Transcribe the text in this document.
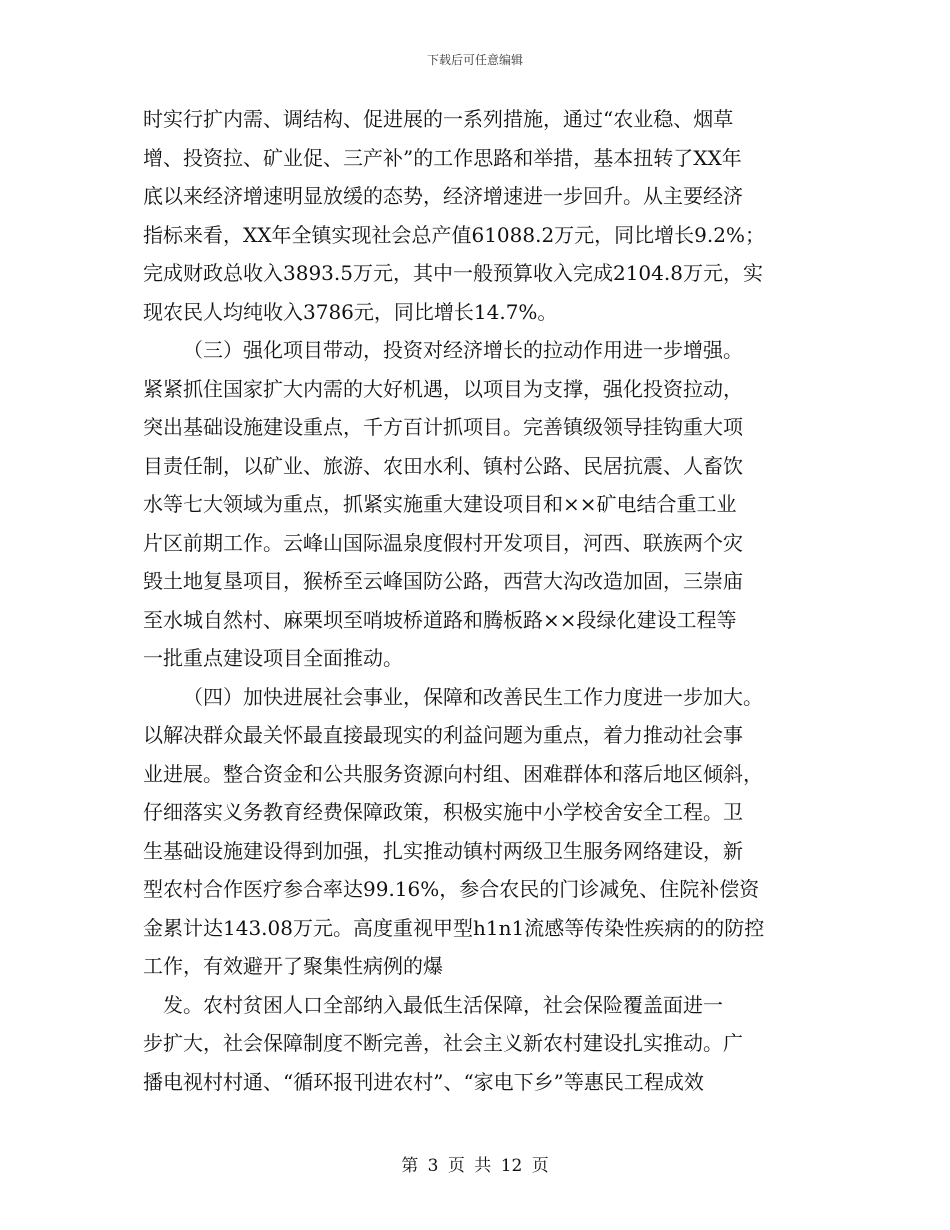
下载后可任意编辑
时实行扩内需、调结构、促进展的一系列措施，通过“农业稳、烟草
增、投资拉、矿业促、三产补”的工作思路和举措，基本扭转了XX年
底以来经济增速明显放缓的态势，经济增速进一步回升。从主要经济
指标来看，XX年全镇实现社会总产值61088.2万元，同比增长9.2%；
完成财政总收入3893.5万元，其中一般预算收入完成2104.8万元，实
现农民人均纯收入3786元，同比增长14.7%。
（三）强化项目带动，投资对经济增长的拉动作用进一步增强。
紧紧抓住国家扩大内需的大好机遇，以项目为支撑，强化投资拉动，
突出基础设施建设重点，千方百计抓项目。完善镇级领导挂钩重大项
目责任制，以矿业、旅游、农田水利、镇村公路、民居抗震、人畜饮
水等七大领域为重点，抓紧实施重大建设项目和××矿电结合重工业
片区前期工作。云峰山国际温泉度假村开发项目，河西、联族两个灾
毁土地复垦项目，猴桥至云峰国防公路，西营大沟改造加固，三崇庙
至水城自然村、麻栗坝至哨坡桥道路和腾板路××段绿化建设工程等
一批重点建设项目全面推动。
（四）加快进展社会事业，保障和改善民生工作力度进一步加大。
以解决群众最关怀最直接最现实的利益问题为重点，着力推动社会事
业进展。整合资金和公共服务资源向村组、困难群体和落后地区倾斜，
仔细落实义务教育经费保障政策，积极实施中小学校舍安全工程。卫
生基础设施建设得到加强，扎实推动镇村两级卫生服务网络建设，新
型农村合作医疗参合率达99.16%，参合农民的门诊减免、住院补偿资
金累计达143.08万元。高度重视甲型h1n1流感等传染性疾病的的防控
工作，有效避开了聚集性病例的爆
发。农村贫困人口全部纳入最低生活保障，社会保险覆盖面进一
步扩大，社会保障制度不断完善，社会主义新农村建设扎实推动。广
播电视村村通、“循环报刊进农村”、“家电下乡”等惠民工程成效
第 3 页 共 12 页
